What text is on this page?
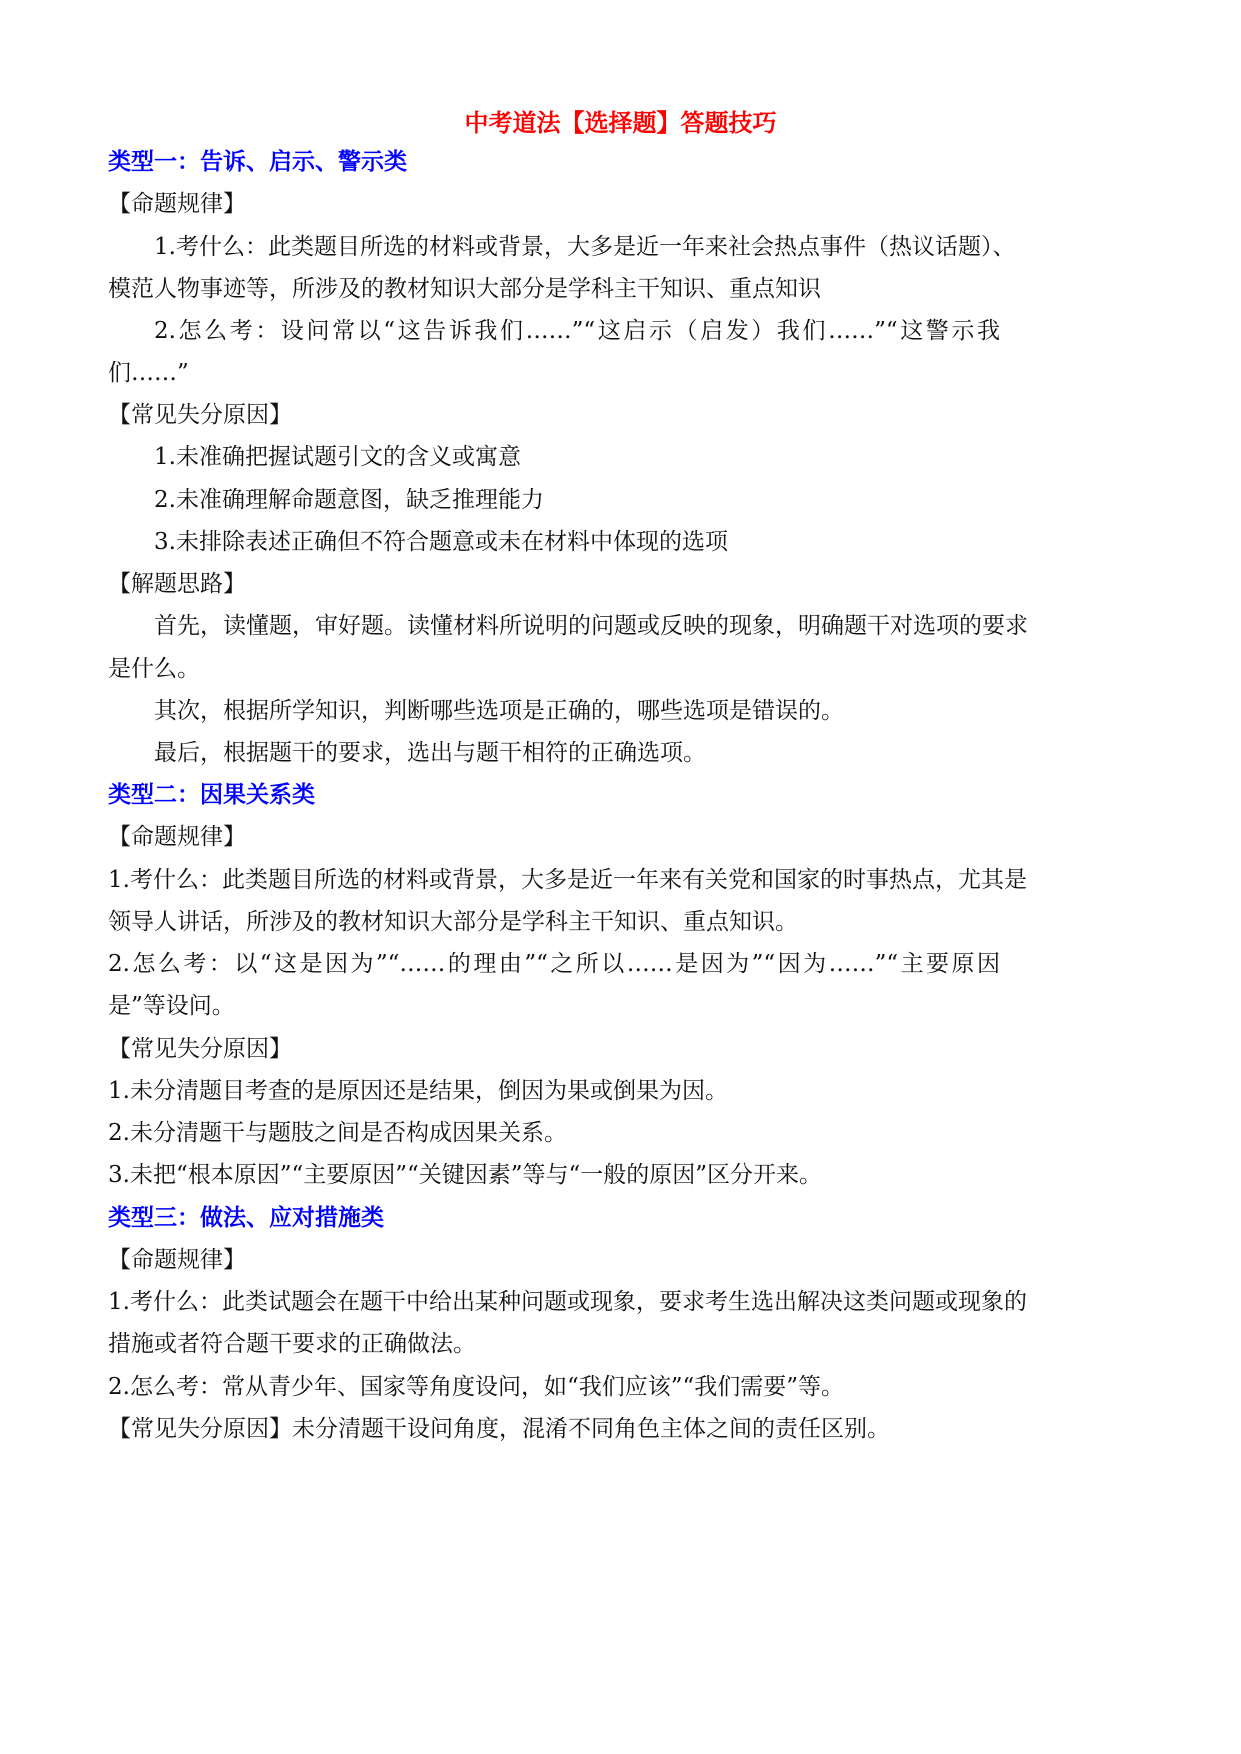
中考道法【选择题】答题技巧

类型一：告诉、启示、警示类

【命题规律】

1.考什么：此类题目所选的材料或背景，大多是近一年来社会热点事件（热议话题）、

模范人物事迹等，所涉及的教材知识大部分是学科主干知识、重点知识

2.怎么考：设问常以“这告诉我们……”“这启示（启发）我们……”“这警示我

们……”

【常见失分原因】

1.未准确把握试题引文的含义或寓意

2.未准确理解命题意图，缺乏推理能力

3.未排除表述正确但不符合题意或未在材料中体现的选项

【解题思路】

首先，读懂题，审好题。读懂材料所说明的问题或反映的现象，明确题干对选项的要求

是什么。

其次，根据所学知识，判断哪些选项是正确的，哪些选项是错误的。

最后，根据题干的要求，选出与题干相符的正确选项。

类型二：因果关系类

【命题规律】

1.考什么：此类题目所选的材料或背景，大多是近一年来有关党和国家的时事热点，尤其是

领导人讲话，所涉及的教材知识大部分是学科主干知识、重点知识。

2.怎么考：以“这是因为”“……的理由”“之所以……是因为”“因为……”“主要原因

是”等设问。

【常见失分原因】

1.未分清题目考查的是原因还是结果，倒因为果或倒果为因。

2.未分清题干与题肢之间是否构成因果关系。

3.未把“根本原因”“主要原因”“关键因素”等与“一般的原因”区分开来。

类型三：做法、应对措施类

【命题规律】

1.考什么：此类试题会在题干中给出某种问题或现象，要求考生选出解决这类问题或现象的

措施或者符合题干要求的正确做法。

2.怎么考：常从青少年、国家等角度设问，如“我们应该”“我们需要”等。

【常见失分原因】未分清题干设问角度，混淆不同角色主体之间的责任区别。
